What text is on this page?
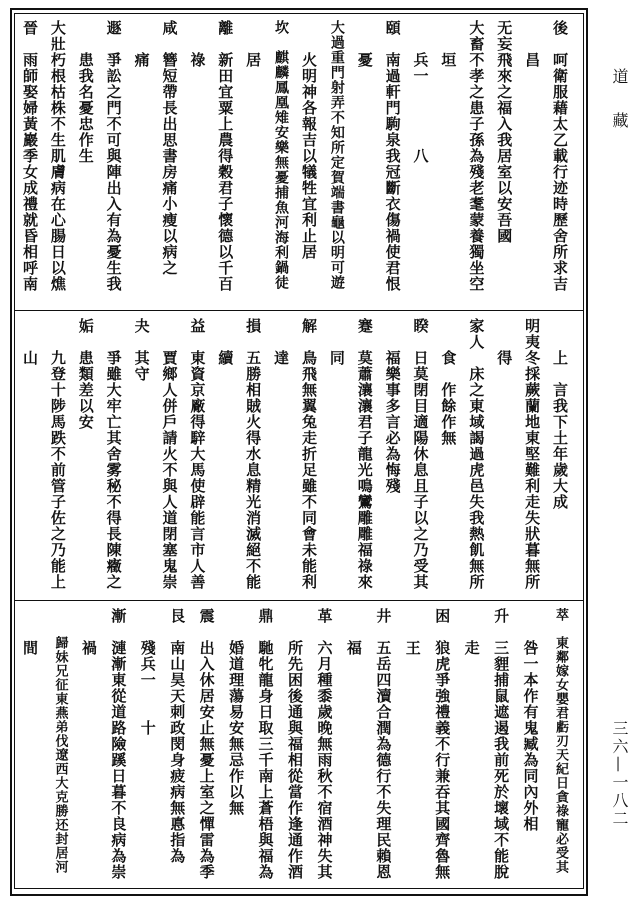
道　藏
三六—一八二
後　呵衛服藉太乙載行迹時歷舍所求吉
　　昌
无妄飛來之福入我居室以安吾國
大畜不孝之患子孫為殘老耄蒙養獨坐空
　　垣
　　兵一　　　　八
頤　南過軒門駒泉我冠斷衣傷禍使君恨
　　憂
大過重門射弄不知所定賀端書龜以明可遊
　　火明神各報吉以犠牲宜利止居
坎　麒麟鳳凰雉安樂無憂捕魚河海利鍋徒
　　居
離　新田宜粟上農得穀君子懷德以千百
　　祿
咸　簪短帶長出思書房痛小瘦以病之
　　痛
遯　爭訟之門不可與陣出入有為憂生我
　　患我名憂忠作生
大壯朽根枯株不生肌膚病在心腸日以燋
晉　雨師娶婦黃巖季女成禮就昏相呼南
　　上　言我下土年歲大成
明夷冬採蕨蘭地東堅難利走失狀暮無所
　　得
家人　床之東域謁過虎邑失我熱飢無所
　　食　作餘作無
睽　日莫閉目適陽休息且子以之乃受其
　　福樂事多言必為悔殘
蹇　莫蕭瀼瀼君子龍光鳴鸞雕雕福祿來
　　同
解　鳥飛無翼兔走折足雖不同會未能利
　　達
損　五勝相賊火得水息精光消滅絕不能
　　續
益　東資京廠得騂大馬使辟能言市人善
　　賈鄉人併戶請火不與人道閉塞鬼崇
夬　其守
　　爭雖大牢亡其舍雾秘不得長陳癥之
姤　患類差以安
　　九登十陟馬跌不前管子佐之乃能上
　　山
萃　東鄰嫁女嬰君虧刃天紀日貪祿寵必受其
　　咎一本作有鬼臧為同內外相
升　三貍捕鼠遮遏我前死於壞域不能脫
　　走
困　狼虎爭強禮義不行兼吞其國齊魯無
　　王
井　五岳四瀆合潤為德行不失理民賴恩
　　福
革　六月種黍歲晚無雨秋不宿酒神失其
　　所先困後通與福相從當作逢通作酒
鼎　馳牝龍身日取三千南上蒼梧與福為
　　婚道理蕩易安無忌作以無
震　出入休居安止無憂上室之憚雷為季
艮　南山昊天刺政閔身疲病無悳指為
　　殘兵一　　十
漸　漣漸東從道路險蹊日暮不良病為崇
　　禍
　　歸妹兄征東燕弟伐遼西大克勝还封居河
　　間
